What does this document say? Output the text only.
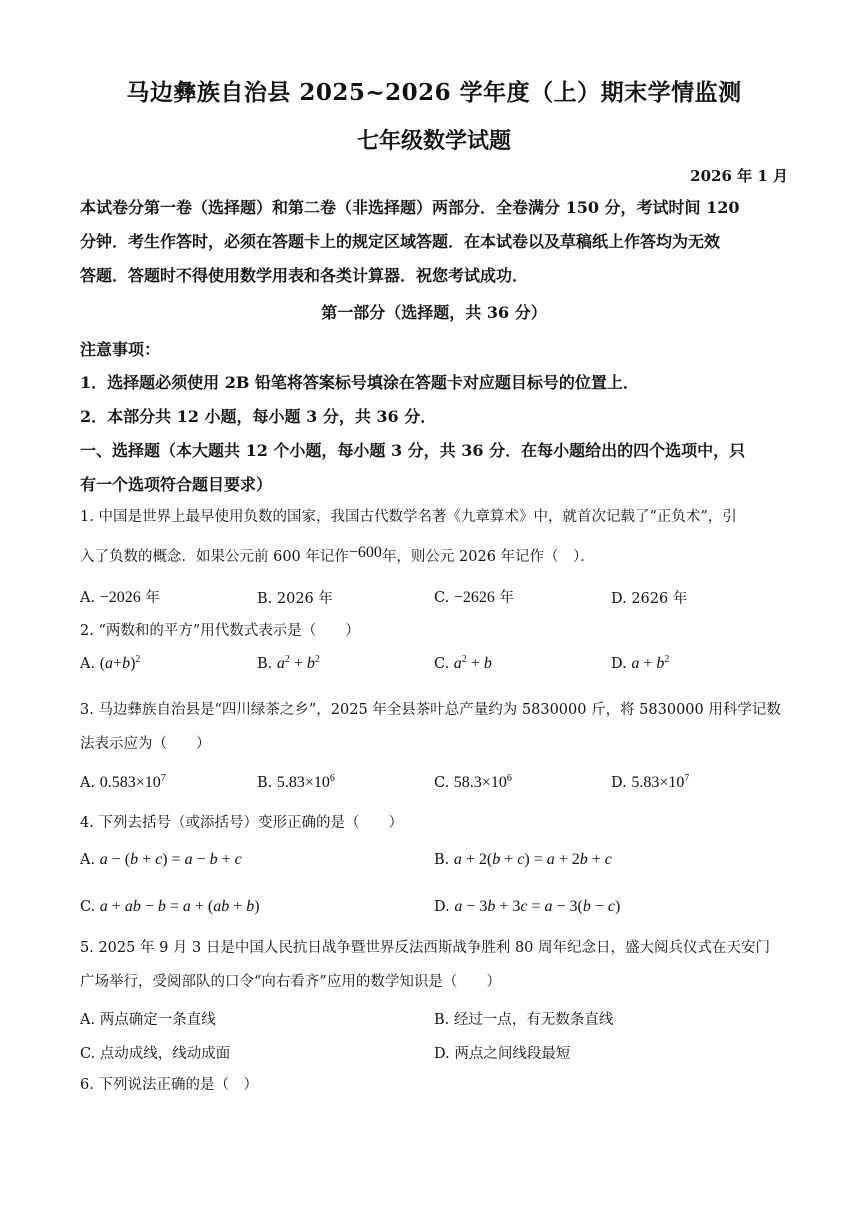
马边彝族自治县 2025~2026 学年度（上）期末学情监测
七年级数学试题
2026 年 1 月
本试卷分第一卷（选择题）和第二卷（非选择题）两部分．全卷满分 150 分，考试时间 120
分钟．考生作答时，必须在答题卡上的规定区域答题．在本试卷以及草稿纸上作答均为无效
答题．答题时不得使用数学用表和各类计算器．祝您考试成功．
第一部分（选择题，共 36 分）
注意事项：
1．选择题必须使用 2B 铅笔将答案标号填涂在答题卡对应题目标号的位置上．
2．本部分共 12 小题，每小题 3 分，共 36 分．
一、选择题（本大题共 12 个小题，每小题 3 分，共 36 分．在每小题给出的四个选项中，只
有一个选项符合题目要求）
1. 中国是世界上最早使用负数的国家，我国古代数学名著《九章算术》中，就首次记载了“正负术”，引
入了负数的概念．如果公元前 600 年记作−600年，则公元 2026 年记作（　）．
A. −2026 年	B. 2026 年	C. −2626 年	D. 2626 年
2. “两数和的平方”用代数式表示是（　　）
A. $(a+b)^2$	B. $a^2 + b^2$	C. $a^2 + b$	D. $a + b^2$
3. 马边彝族自治县是“四川绿茶之乡”，2025 年全县茶叶总产量约为 5830000 斤，将 5830000 用科学记数
法表示应为（　　）
A. $0.583\times 10^7$	B. $5.83\times 10^6$	C. $58.3\times 10^6$	D. $5.83\times 10^7$
4. 下列去括号（或添括号）变形正确的是（　　）
A. a − (b + c) = a − b + c	B. a + 2(b + c) = a + 2b + c
C. a + ab − b = a + (ab + b)	D. a − 3b + 3c = a − 3(b − c)
5. 2025 年 9 月 3 日是中国人民抗日战争暨世界反法西斯战争胜利 80 周年纪念日，盛大阅兵仪式在天安门
广场举行，受阅部队的口令“向右看齐”应用的数学知识是（　　）
A. 两点确定一条直线	B. 经过一点，有无数条直线
C. 点动成线，线动成面	D. 两点之间线段最短
6. 下列说法正确的是（　）
